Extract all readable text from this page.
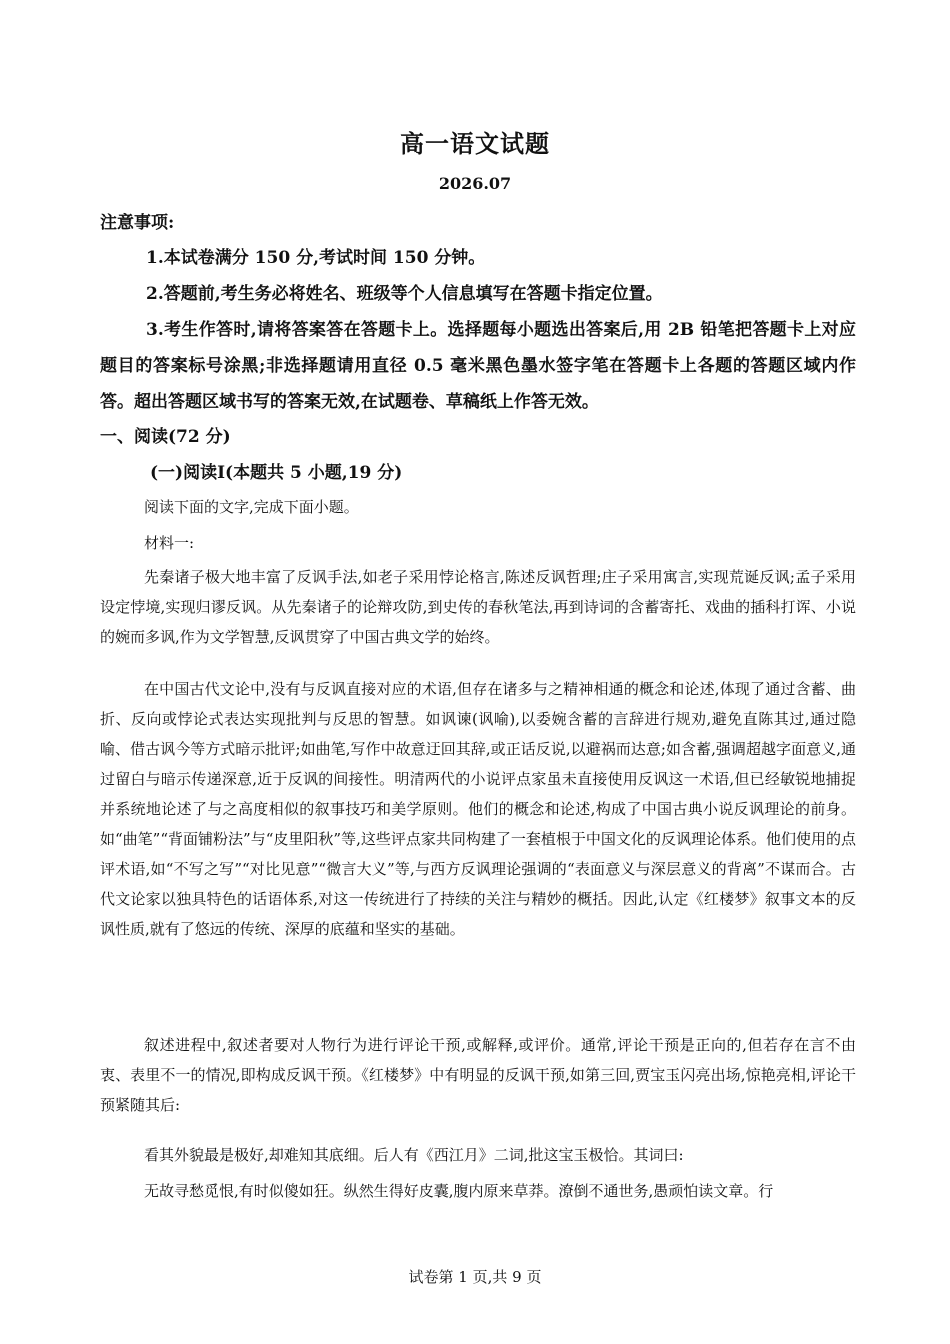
高一语文试题
2026.07
注意事项:
1.本试卷满分 150 分,考试时间 150 分钟。
2.答题前,考生务必将姓名、班级等个人信息填写在答题卡指定位置。
3.考生作答时,请将答案答在答题卡上。选择题每小题选出答案后,用 2B 铅笔把答题卡上对应题目的答案标号涂黑;非选择题请用直径 0.5 毫米黑色墨水签字笔在答题卡上各题的答题区域内作答。超出答题区域书写的答案无效,在试题卷、草稿纸上作答无效。
一、阅读(72 分)
(一)阅读I(本题共 5 小题,19 分)

阅读下面的文字,完成下面小题。

材料一:

先秦诸子极大地丰富了反讽手法,如老子采用悖论格言,陈述反讽哲理;庄子采用寓言,实现荒诞反讽;孟子采用设定悖境,实现归谬反讽。从先秦诸子的论辩攻防,到史传的春秋笔法,再到诗词的含蓄寄托、戏曲的插科打诨、小说的婉而多讽,作为文学智慧,反讽贯穿了中国古典文学的始终。

在中国古代文论中,没有与反讽直接对应的术语,但存在诸多与之精神相通的概念和论述,体现了通过含蓄、曲折、反向或悖论式表达实现批判与反思的智慧。如讽谏(讽喻),以委婉含蓄的言辞进行规劝,避免直陈其过,通过隐喻、借古讽今等方式暗示批评;如曲笔,写作中故意迂回其辞,或正话反说,以避祸而达意;如含蓄,强调超越字面意义,通过留白与暗示传递深意,近于反讽的间接性。明清两代的小说评点家虽未直接使用反讽这一术语,但已经敏锐地捕捉并系统地论述了与之高度相似的叙事技巧和美学原则。他们的概念和论述,构成了中国古典小说反讽理论的前身。如“曲笔”“背面铺粉法”与“皮里阳秋”等,这些评点家共同构建了一套植根于中国文化的反讽理论体系。他们使用的点评术语,如“不写之写”“对比见意”“微言大义”等,与西方反讽理论强调的“表面意义与深层意义的背离”不谋而合。古代文论家以独具特色的话语体系,对这一传统进行了持续的关注与精妙的概括。因此,认定《红楼梦》叙事文本的反讽性质,就有了悠远的传统、深厚的底蕴和坚实的基础。

叙述进程中,叙述者要对人物行为进行评论干预,或解释,或评价。通常,评论干预是正向的,但若存在言不由衷、表里不一的情况,即构成反讽干预。《红楼梦》中有明显的反讽干预,如第三回,贾宝玉闪亮出场,惊艳亮相,评论干预紧随其后:

看其外貌最是极好,却难知其底细。后人有《西江月》二词,批这宝玉极恰。其词曰:

无故寻愁觅恨,有时似傻如狂。纵然生得好皮囊,腹内原来草莽。潦倒不通世务,愚顽怕读文章。行

试卷第 1 页,共 9 页
